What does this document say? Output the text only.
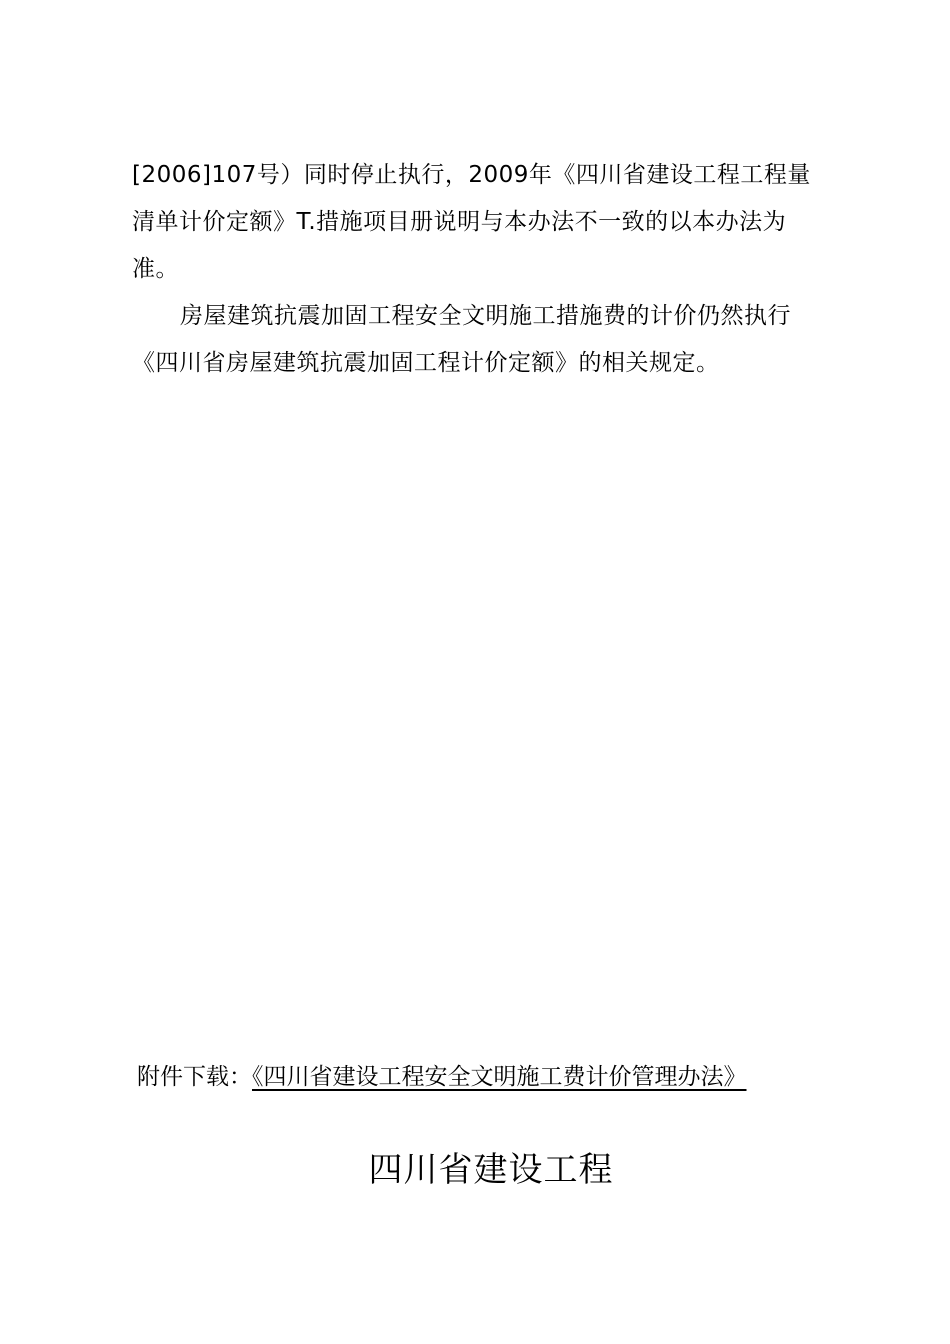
[2006]107号）同时停止执行，2009年《四川省建设工程工程量清单计价定额》T.措施项目册说明与本办法不一致的以本办法为准。

房屋建筑抗震加固工程安全文明施工措施费的计价仍然执行《四川省房屋建筑抗震加固工程计价定额》的相关规定。

附件下载：《四川省建设工程安全文明施工费计价管理办法》
四川省建设工程
